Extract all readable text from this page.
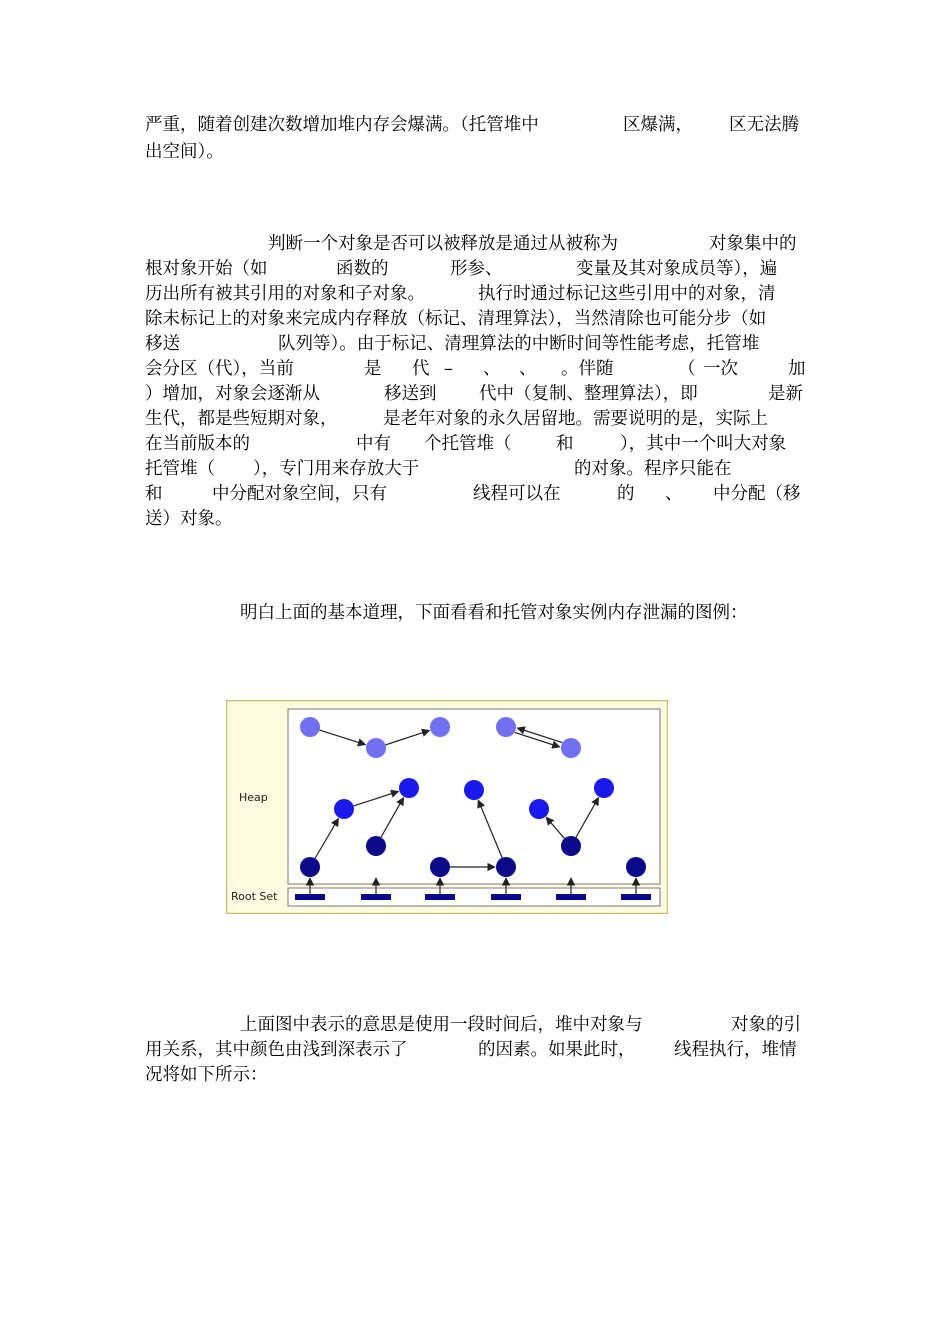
严重，随着创建次数增加堆内存会爆满。（托管堆中	区爆满， 区无法腾
出空间）。
判断一个对象是否可以被释放是通过从被称为	对象集中的
根对象开始（如	函数的	形参、	变量及其对象成员等），遍
历出所有被其引用的对象和子对象。	执行时通过标记这些引用中的对象，清
除未标记上的对象来完成内存释放（标记、清理算法），当然清除也可能分步（如
移送	队列等）。由于标记、清理算法的中断时间等性能考虑，托管堆
会分区（代），当前	是 代 – 、 、 。伴随	（ 一次	加
）增加，对象会逐渐从	移送到 代中（复制、整理算法），即	是新
生代，都是些短期对象，	是老年对象的永久居留地。需要说明的是，实际上
在当前版本的	中有 个托管堆（	和	），其中一个叫大对象
托管堆（ ），专门用来存放大于	的对象。程序只能在
和	中分配对象空间，只有	线程可以在	的 、 中分配（移
送）对象。
明白上面的基本道理，下面看看和托管对象实例内存泄漏的图例：
上面图中表示的意思是使用一段时间后，堆中对象与	对象的引
用关系，其中颜色由浅到深表示了	的因素。如果此时， 线程执行，堆情
况将如下所示：
Heap
Root Set
